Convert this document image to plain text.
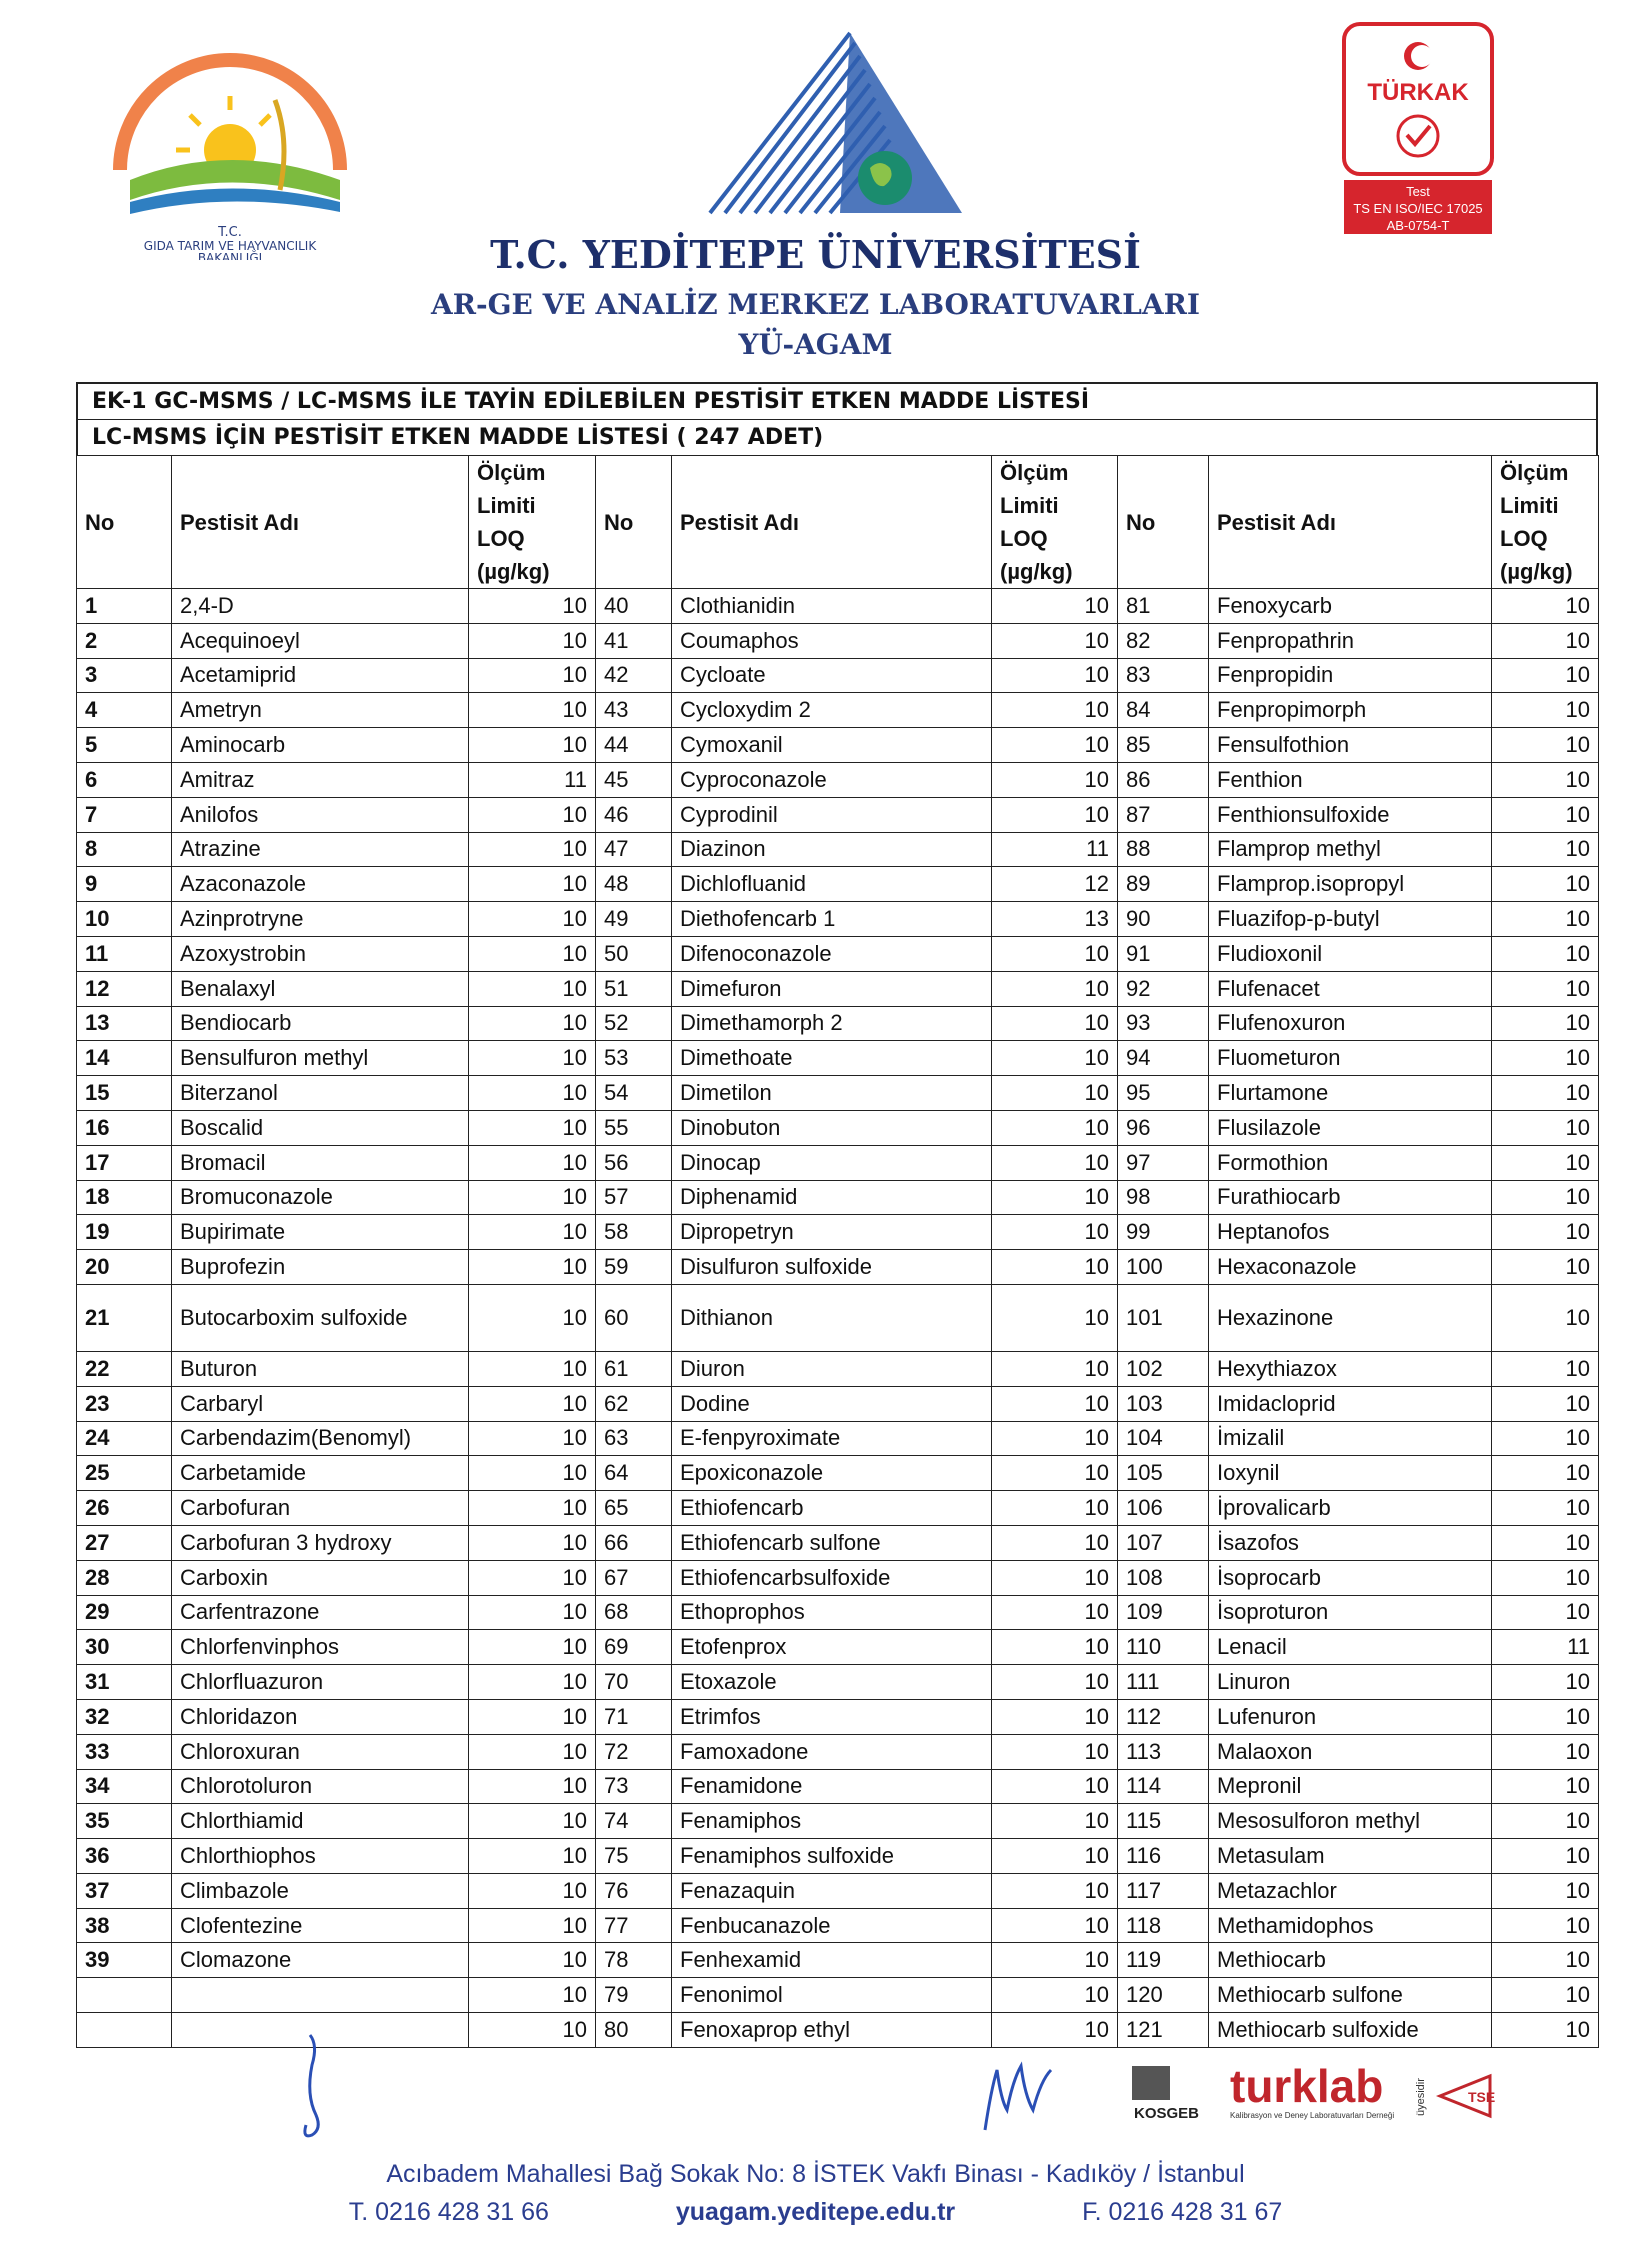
T.C.
GIDA TARIM VE HAYVANCILIK
BAKANLIĞI
TÜRKAK
Test
TS EN ISO/IEC 17025
AB-0754-T
T.C. YEDİTEPE ÜNİVERSİTESİ
AR-GE VE ANALİZ MERKEZ LABORATUVARLARI
YÜ-AGAM
EK-1 GC-MSMS / LC-MSMS İLE TAYİN EDİLEBİLEN PESTİSİT ETKEN MADDE LİSTESİ
LC-MSMS İÇİN PESTİSİT ETKEN MADDE LİSTESİ ( 247 ADET)
No	Pestisit Adı	Ölçüm Limiti LOQ (µg/kg)	No	Pestisit Adı	Ölçüm Limiti LOQ (µg/kg)	No	Pestisit Adı	Ölçüm Limiti LOQ (µg/kg)
1	2,4-D	10	40	Clothianidin	10	81	Fenoxycarb	10
2	Acequinoeyl	10	41	Coumaphos	10	82	Fenpropathrin	10
3	Acetamiprid	10	42	Cycloate	10	83	Fenpropidin	10
4	Ametryn	10	43	Cycloxydim 2	10	84	Fenpropimorph	10
5	Aminocarb	10	44	Cymoxanil	10	85	Fensulfothion	10
6	Amitraz	11	45	Cyproconazole	10	86	Fenthion	10
7	Anilofos	10	46	Cyprodinil	10	87	Fenthionsulfoxide	10
8	Atrazine	10	47	Diazinon	11	88	Flamprop methyl	10
9	Azaconazole	10	48	Dichlofluanid	12	89	Flamprop.isopropyl	10
10	Azinprotryne	10	49	Diethofencarb 1	13	90	Fluazifop-p-butyl	10
11	Azoxystrobin	10	50	Difenoconazole	10	91	Fludioxonil	10
12	Benalaxyl	10	51	Dimefuron	10	92	Flufenacet	10
13	Bendiocarb	10	52	Dimethamorph 2	10	93	Flufenoxuron	10
14	Bensulfuron methyl	10	53	Dimethoate	10	94	Fluometuron	10
15	Biterzanol	10	54	Dimetilon	10	95	Flurtamone	10
16	Boscalid	10	55	Dinobuton	10	96	Flusilazole	10
17	Bromacil	10	56	Dinocap	10	97	Formothion	10
18	Bromuconazole	10	57	Diphenamid	10	98	Furathiocarb	10
19	Bupirimate	10	58	Dipropetryn	10	99	Heptanofos	10
20	Buprofezin	10	59	Disulfuron sulfoxide	10	100	Hexaconazole	10
21	Butocarboxim sulfoxide	10	60	Dithianon	10	101	Hexazinone	10
22	Buturon	10	61	Diuron	10	102	Hexythiazox	10
23	Carbaryl	10	62	Dodine	10	103	Imidacloprid	10
24	Carbendazim(Benomyl)	10	63	E-fenpyroximate	10	104	İmizalil	10
25	Carbetamide	10	64	Epoxiconazole	10	105	Ioxynil	10
26	Carbofuran	10	65	Ethiofencarb	10	106	İprovalicarb	10
27	Carbofuran 3 hydroxy	10	66	Ethiofencarb sulfone	10	107	İsazofos	10
28	Carboxin	10	67	Ethiofencarbsulfoxide	10	108	İsoprocarb	10
29	Carfentrazone	10	68	Ethoprophos	10	109	İsoproturon	10
30	Chlorfenvinphos	10	69	Etofenprox	10	110	Lenacil	11
31	Chlorfluazuron	10	70	Etoxazole	10	111	Linuron	10
32	Chloridazon	10	71	Etrimfos	10	112	Lufenuron	10
33	Chloroxuran	10	72	Famoxadone	10	113	Malaoxon	10
34	Chlorotoluron	10	73	Fenamidone	10	114	Mepronil	10
35	Chlorthiamid	10	74	Fenamiphos	10	115	Mesosulforon methyl	10
36	Chlorthiophos	10	75	Fenamiphos sulfoxide	10	116	Metasulam	10
37	Climbazole	10	76	Fenazaquin	10	117	Metazachlor	10
38	Clofentezine	10	77	Fenbucanazole	10	118	Methamidophos	10
39	Clomazone	10	78	Fenhexamid	10	119	Methiocarb	10
		10	79	Fenonimol	10	120	Methiocarb sulfone	10
		10	80	Fenoxaprop ethyl	10	121	Methiocarb sulfoxide	10
KOSGEB
turklab
Kalibrasyon ve Deney Laboratuvarları Derneği üyesidir	TSE
Acıbadem Mahallesi Bağ Sokak No: 8 İSTEK Vakfı Binası - Kadıköy / İstanbul
T. 0216 428 31 66	yuagam.yeditepe.edu.tr	F. 0216 428 31 67
